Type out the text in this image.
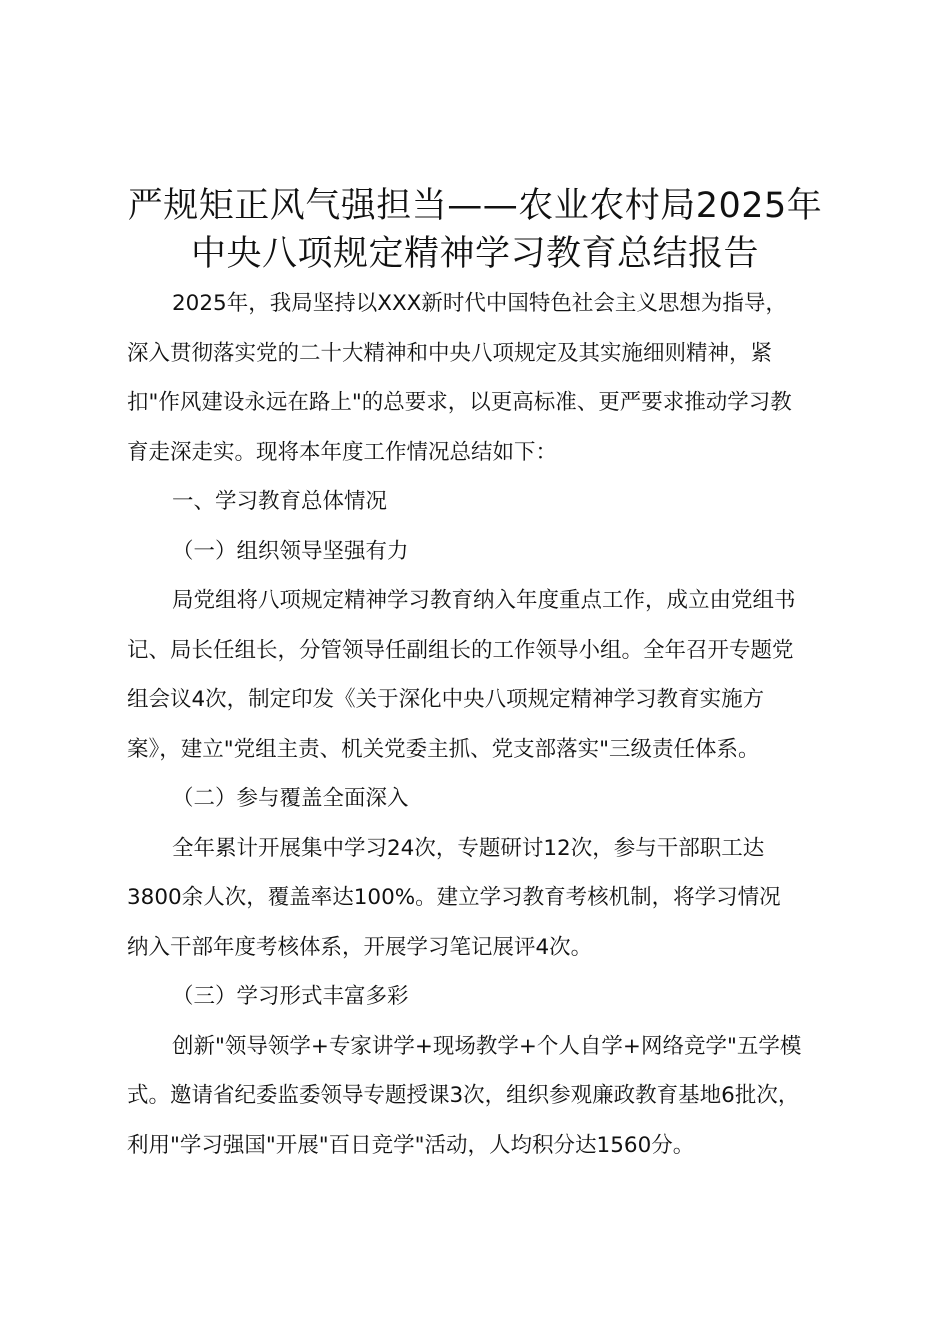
严规矩正风气强担当——农业农村局2025年
中央八项规定精神学习教育总结报告
2025年，我局坚持以XXX新时代中国特色社会主义思想为指导，
深入贯彻落实党的二十大精神和中央八项规定及其实施细则精神，紧
扣"作风建设永远在路上"的总要求，以更高标准、更严要求推动学习教
育走深走实。现将本年度工作情况总结如下：
一、学习教育总体情况
（一）组织领导坚强有力
局党组将八项规定精神学习教育纳入年度重点工作，成立由党组书
记、局长任组长，分管领导任副组长的工作领导小组。全年召开专题党
组会议4次，制定印发《关于深化中央八项规定精神学习教育实施方
案》，建立"党组主责、机关党委主抓、党支部落实"三级责任体系。
（二）参与覆盖全面深入
全年累计开展集中学习24次，专题研讨12次，参与干部职工达
3800余人次，覆盖率达100%。建立学习教育考核机制，将学习情况
纳入干部年度考核体系，开展学习笔记展评4次。
（三）学习形式丰富多彩
创新"领导领学+专家讲学+现场教学+个人自学+网络竞学"五学模
式。邀请省纪委监委领导专题授课3次，组织参观廉政教育基地6批次，
利用"学习强国"开展"百日竞学"活动，人均积分达1560分。
